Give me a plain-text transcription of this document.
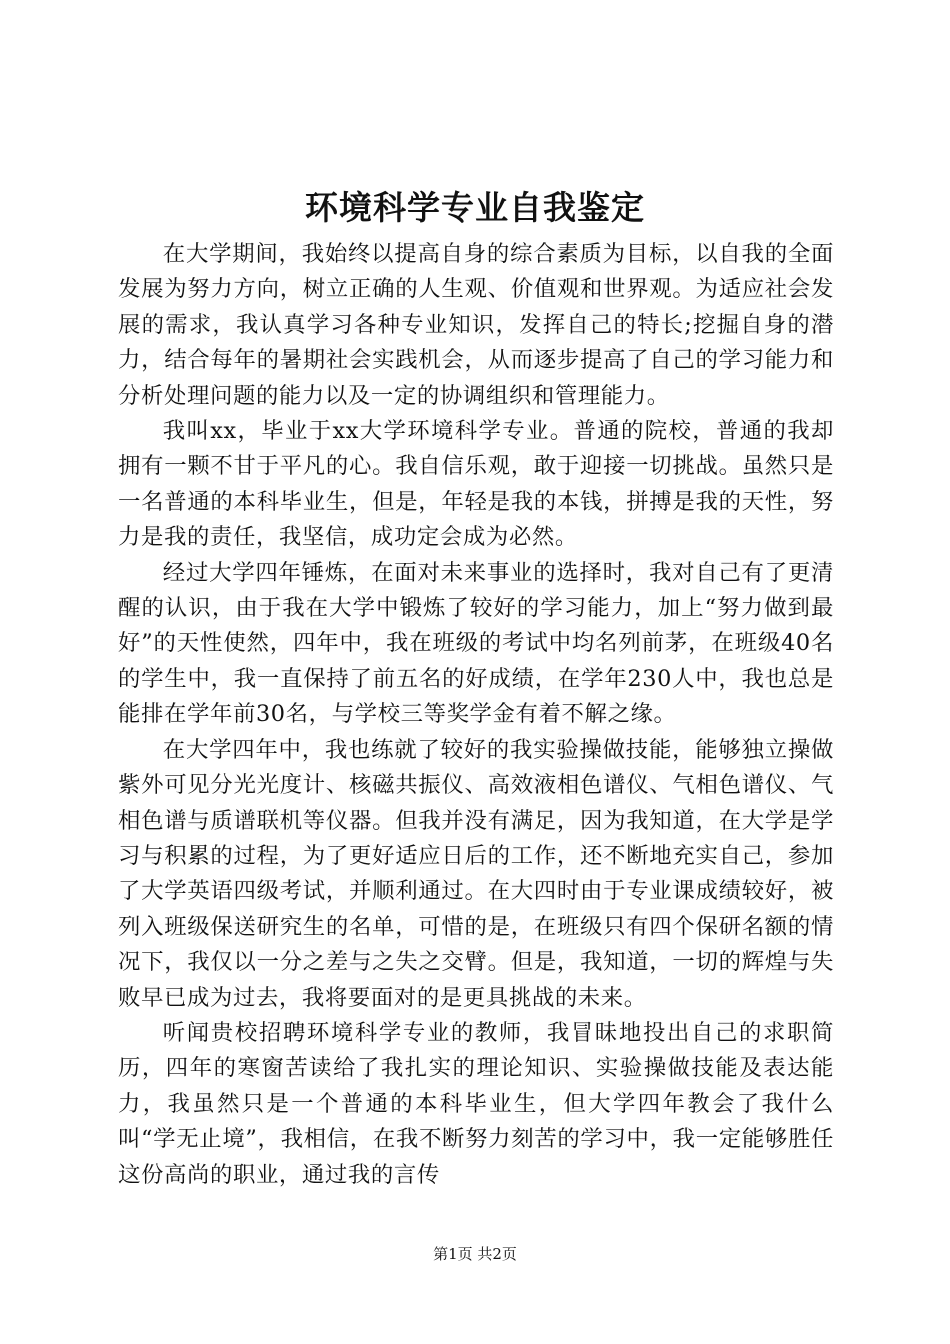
环境科学专业自我鉴定

在大学期间，我始终以提高自身的综合素质为目标，以自我的全面发展为努力方向，树立正确的人生观、价值观和世界观。为适应社会发展的需求，我认真学习各种专业知识，发挥自己的特长;挖掘自身的潜力，结合每年的暑期社会实践机会，从而逐步提高了自己的学习能力和分析处理问题的能力以及一定的协调组织和管理能力。

我叫xx，毕业于xx大学环境科学专业。普通的院校，普通的我却拥有一颗不甘于平凡的心。我自信乐观，敢于迎接一切挑战。虽然只是一名普通的本科毕业生，但是，年轻是我的本钱，拼搏是我的天性，努力是我的责任，我坚信，成功定会成为必然。

经过大学四年锤炼，在面对未来事业的选择时，我对自己有了更清醒的认识，由于我在大学中锻炼了较好的学习能力，加上“努力做到最好”的天性使然，四年中，我在班级的考试中均名列前茅，在班级40名的学生中，我一直保持了前五名的好成绩，在学年230人中，我也总是能排在学年前30名，与学校三等奖学金有着不解之缘。

在大学四年中，我也练就了较好的我实验操做技能，能够独立操做紫外可见分光光度计、核磁共振仪、高效液相色谱仪、气相色谱仪、气相色谱与质谱联机等仪器。但我并没有满足，因为我知道，在大学是学习与积累的过程，为了更好适应日后的工作，还不断地充实自己，参加了大学英语四级考试，并顺利通过。在大四时由于专业课成绩较好，被列入班级保送研究生的名单，可惜的是，在班级只有四个保研名额的情况下，我仅以一分之差与之失之交臂。但是，我知道，一切的辉煌与失败早已成为过去，我将要面对的是更具挑战的未来。

听闻贵校招聘环境科学专业的教师，我冒昧地投出自己的求职简历，四年的寒窗苦读给了我扎实的理论知识、实验操做技能及表达能力，我虽然只是一个普通的本科毕业生，但大学四年教会了我什么叫“学无止境”，我相信，在我不断努力刻苦的学习中，我一定能够胜任这份高尚的职业，通过我的言传

第1页 共2页
